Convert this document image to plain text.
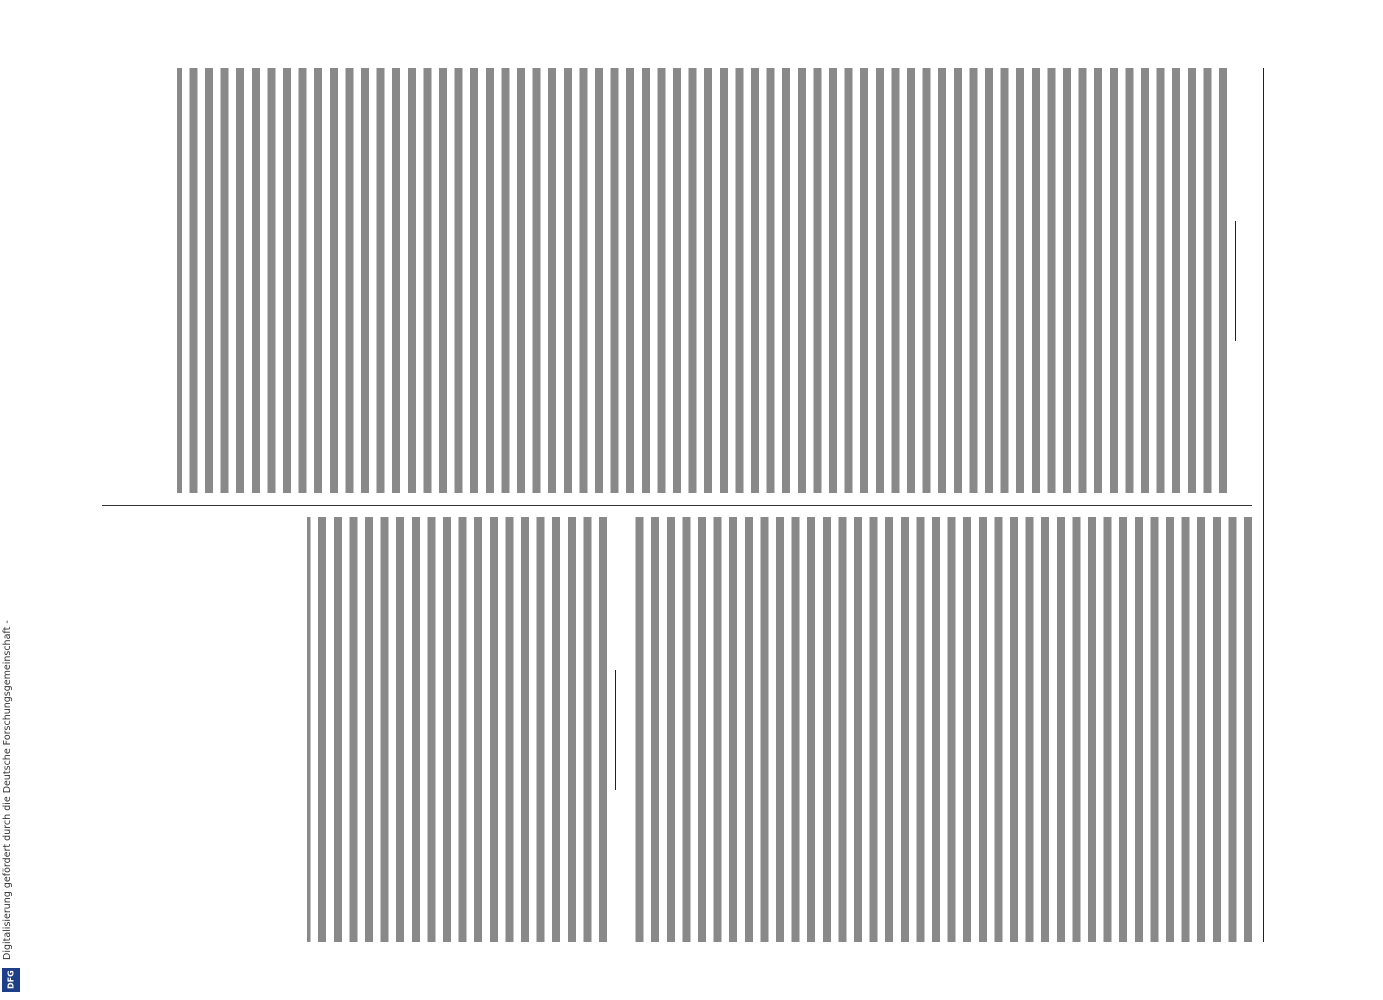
Digitalisierung gefördert durch die Deutsche Forschungsgemeinschaft -
DFG
